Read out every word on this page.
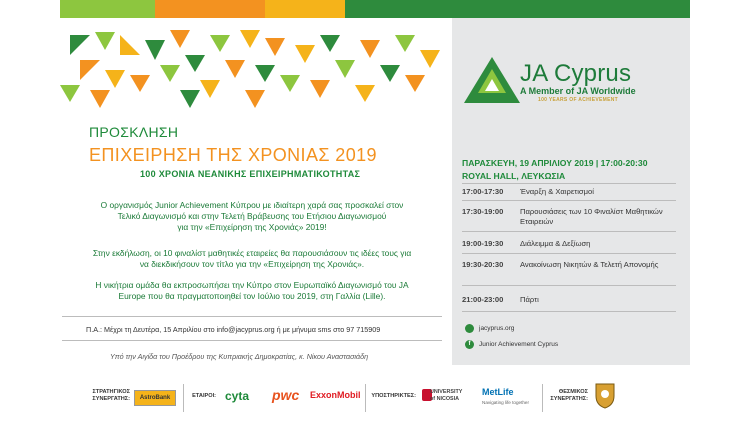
JA Cyprus
A Member of JA Worldwide
100 YEARS OF ACHIEVEMENT
ΠΡΟΣΚΛΗΣΗ
ΕΠΙΧΕΙΡΗΣΗ ΤΗΣ ΧΡΟΝΙΑΣ 2019
100 ΧΡΟΝΙΑ ΝΕΑΝΙΚΗΣ ΕΠΙΧΕΙΡΗΜΑΤΙΚΟΤΗΤΑΣ
Ο οργανισμός Junior Achievement Κύπρου με ιδιαίτερη χαρά σας προσκαλεί στον
Τελικό Διαγωνισμό και στην Τελετή Βράβευσης του Ετήσιου Διαγωνισμού
για την «Επιχείρηση της Χρονιάς» 2019!
Στην εκδήλωση, οι 10 φιναλίστ μαθητικές εταιρείες θα παρουσιάσουν τις ιδέες τους για
να διεκδικήσουν τον τίτλο για την «Επιχείρηση της Χρονιάς».
Η νικήτρια ομάδα θα εκπροσωπήσει την Κύπρο στον Ευρωπαϊκό Διαγωνισμό του JA
Europe που θα πραγματοποιηθεί τον Ιούλιο του 2019, στη Γαλλία (Lille).
Π.Α.: Μέχρι τη Δευτέρα, 15 Απριλίου στο info@jacyprus.org ή με μήνυμα sms στο 97 715909
Υπό την Αιγίδα του Προέδρου της Κυπριακής Δημοκρατίας, κ. Νίκου Αναστασιάδη
ΠΑΡΑΣΚΕΥΗ, 19 ΑΠΡΙΛΙΟΥ 2019 | 17:00-20:30
ROYAL HALL, ΛΕΥΚΩΣΙΑ
17:00-17:30 Έναρξη & Χαιρετισμοί
17:30-19:00 Παρουσιάσεις των 10 Φιναλίστ Μαθητικών Εταιρειών
19:00-19:30 Διάλειμμα & Δεξίωση
19:30-20:30 Ανακοίνωση Νικητών & Τελετή Απονομής
21:00-23:00 Πάρτι
jacyprus.org
f	Junior Achievement Cyprus
ΣΤΡΑΤΗΓΙΚΟΣ
ΣΥΝΕΡΓΑΤΗΣ:	AstroBank	ΕΤΑΙΡΟΙ: cyta pwc ExxonMobil	ΥΠΟΣΤΗΡΙΚΤΕΣ:
UNIVERSITY
of NICOSIA
MetLife
Navigating life together
ΘΕΣΜΙΚΟΣ
ΣΥΝΕΡΓΑΤΗΣ:
